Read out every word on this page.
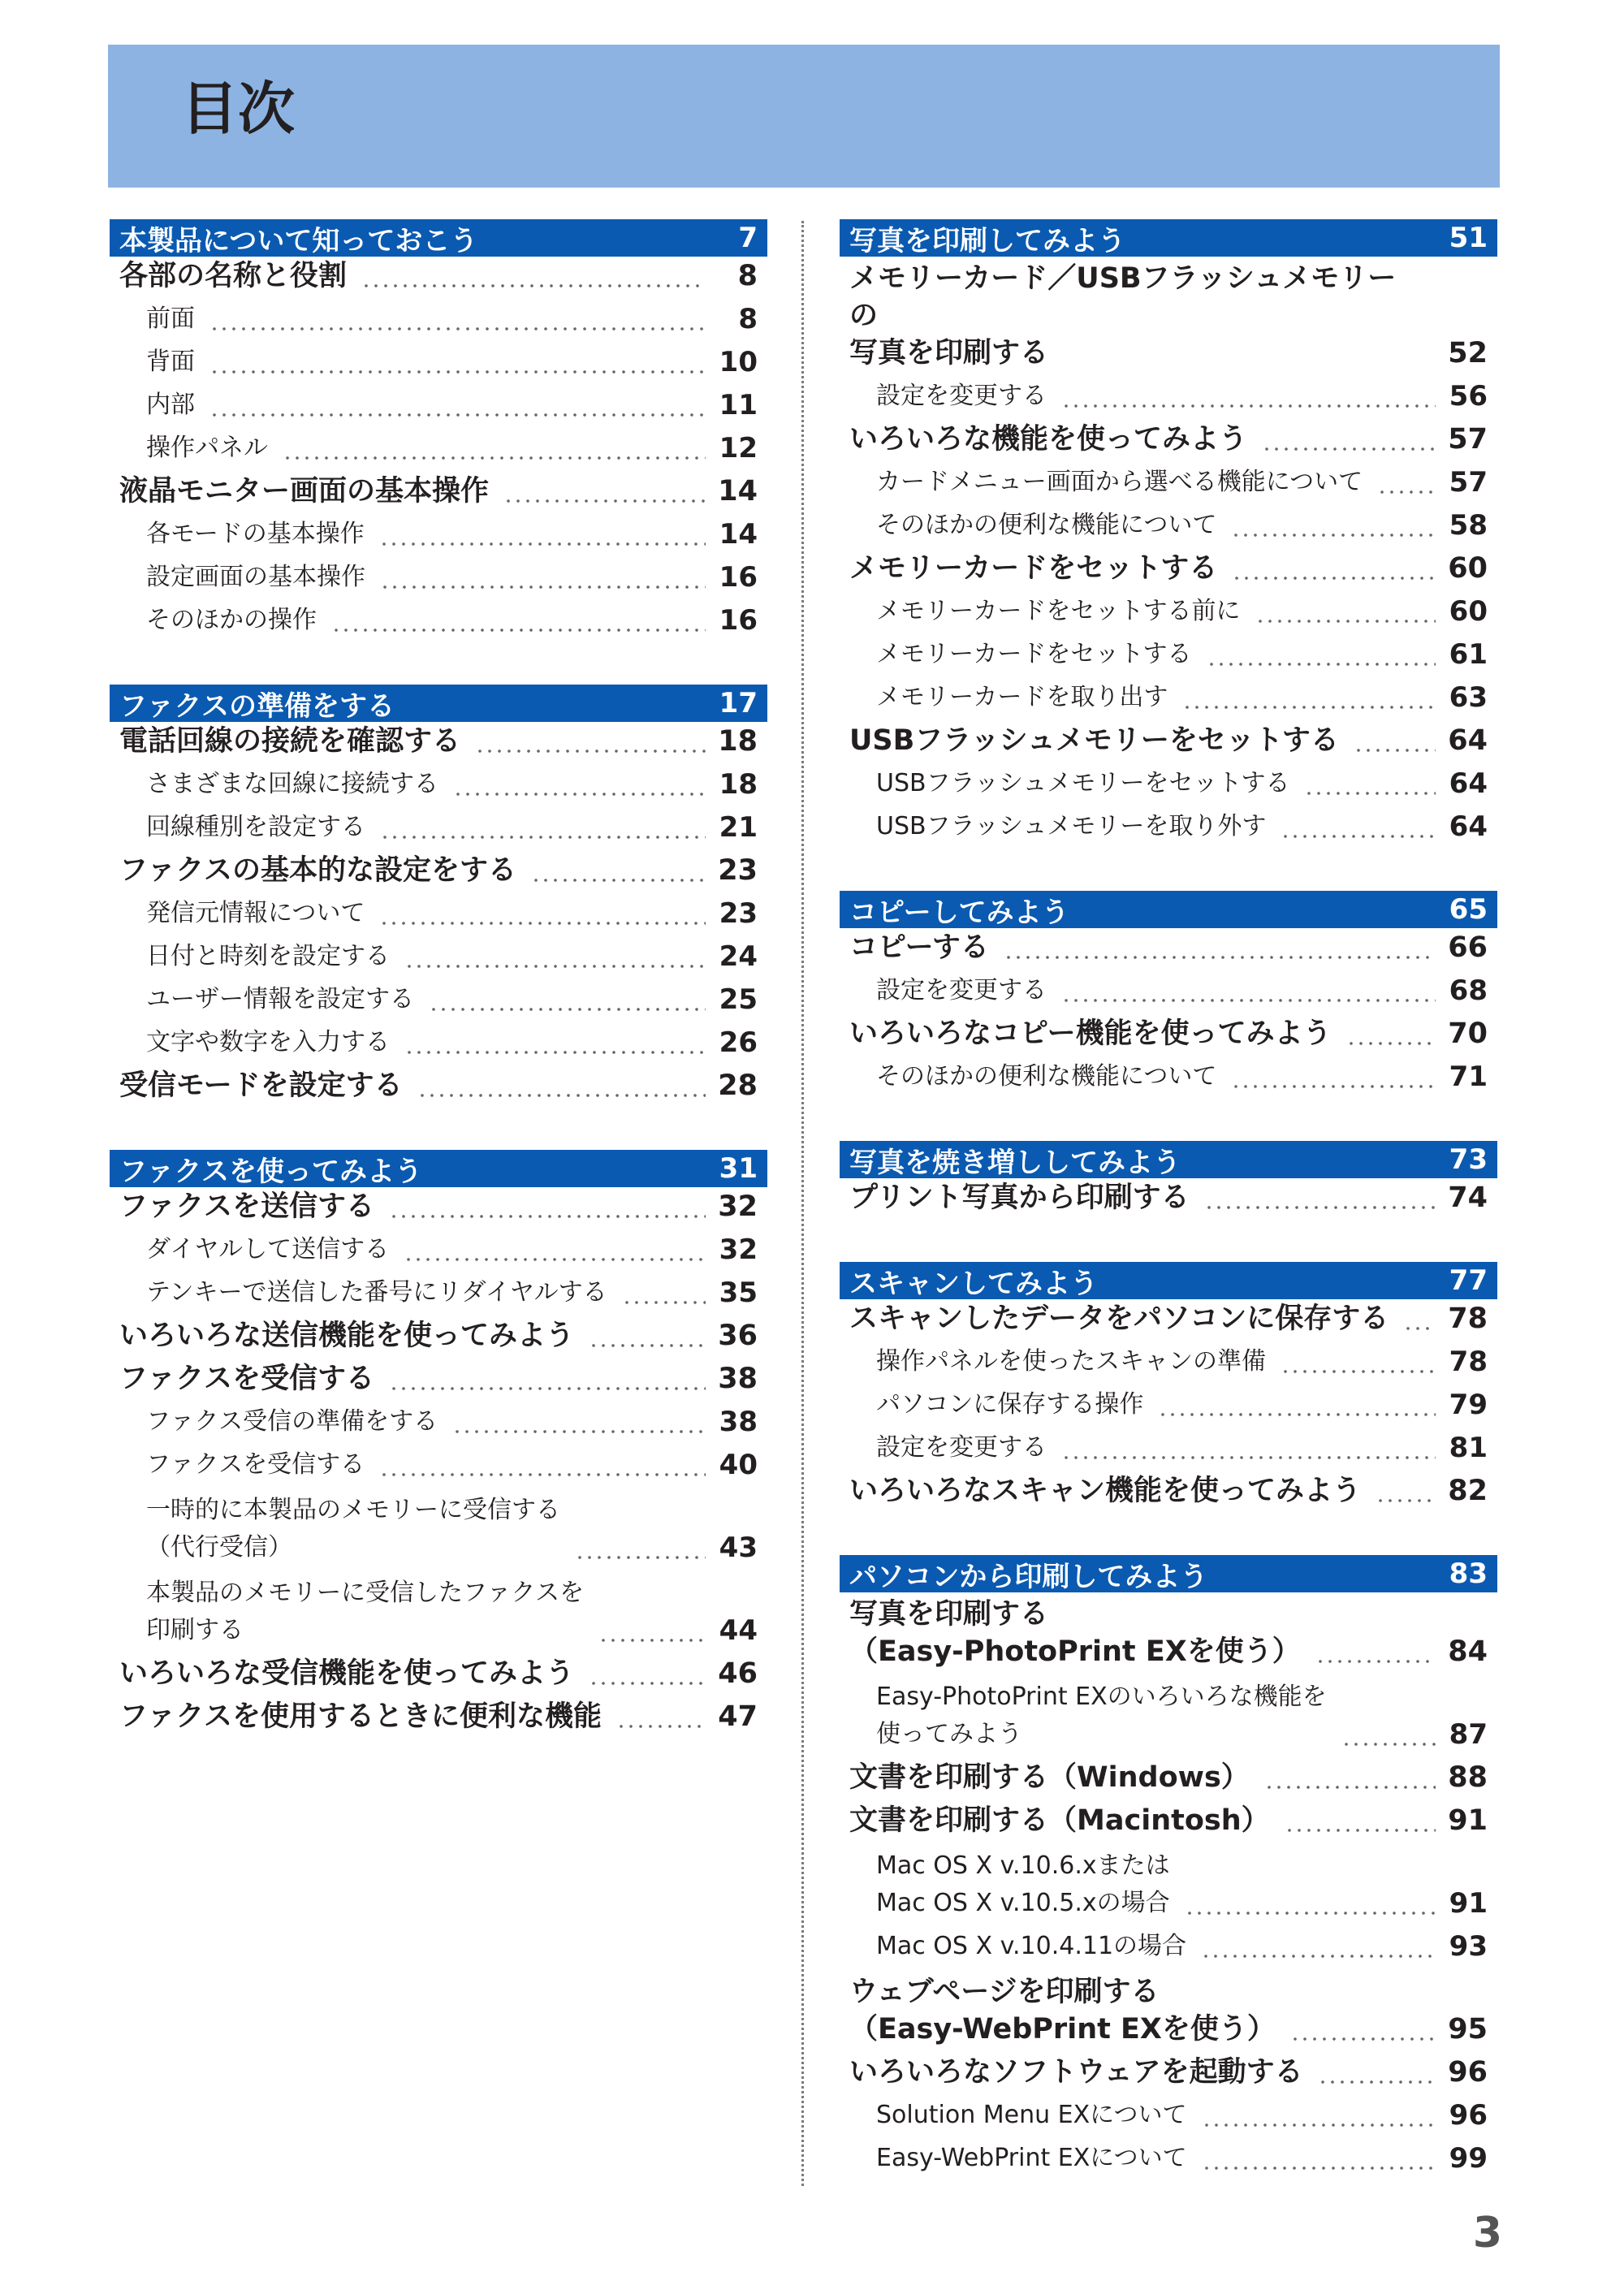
目次
本製品について知っておこう	7
各部の名称と役割	8
前面	8
背面	10
内部	11
操作パネル	12
液晶モニター画面の基本操作	14
各モードの基本操作	14
設定画面の基本操作	16
そのほかの操作	16
ファクスの準備をする	17
電話回線の接続を確認する	18
さまざまな回線に接続する	18
回線種別を設定する	21
ファクスの基本的な設定をする	23
発信元情報について	23
日付と時刻を設定する	24
ユーザー情報を設定する	25
文字や数字を入力する	26
受信モードを設定する	28
ファクスを使ってみよう	31
ファクスを送信する	32
ダイヤルして送信する	32
テンキーで送信した番号にリダイヤルする	35
いろいろな送信機能を使ってみよう	36
ファクスを受信する	38
ファクス受信の準備をする	38
ファクスを受信する	40
一時的に本製品のメモリーに受信する
（代行受信）	43
本製品のメモリーに受信したファクスを
印刷する	44
いろいろな受信機能を使ってみよう	46
ファクスを使用するときに便利な機能	47
写真を印刷してみよう	51
メモリーカード／USBフラッシュメモリーの
写真を印刷する	52
設定を変更する	56
いろいろな機能を使ってみよう	57
カードメニュー画面から選べる機能について	57
そのほかの便利な機能について	58
メモリーカードをセットする	60
メモリーカードをセットする前に	60
メモリーカードをセットする	61
メモリーカードを取り出す	63
USBフラッシュメモリーをセットする	64
USBフラッシュメモリーをセットする	64
USBフラッシュメモリーを取り外す	64
コピーしてみよう	65
コピーする	66
設定を変更する	68
いろいろなコピー機能を使ってみよう	70
そのほかの便利な機能について	71
写真を焼き増ししてみよう	73
プリント写真から印刷する	74
スキャンしてみよう	77
スキャンしたデータをパソコンに保存する 78
操作パネルを使ったスキャンの準備	78
パソコンに保存する操作	79
設定を変更する	81
いろいろなスキャン機能を使ってみよう	82
パソコンから印刷してみよう	83
写真を印刷する
（Easy-PhotoPrint EXを使う）	84
Easy-PhotoPrint EXのいろいろな機能を
使ってみよう	87
文書を印刷する（Windows）	88
文書を印刷する（Macintosh）	91
Mac OS X v.10.6.xまたは
Mac OS X v.10.5.xの場合	91
Mac OS X v.10.4.11の場合	93
ウェブページを印刷する
（Easy-WebPrint EXを使う）	95
いろいろなソフトウェアを起動する	96
Solution Menu EXについて	96
Easy-WebPrint EXについて	99
3
